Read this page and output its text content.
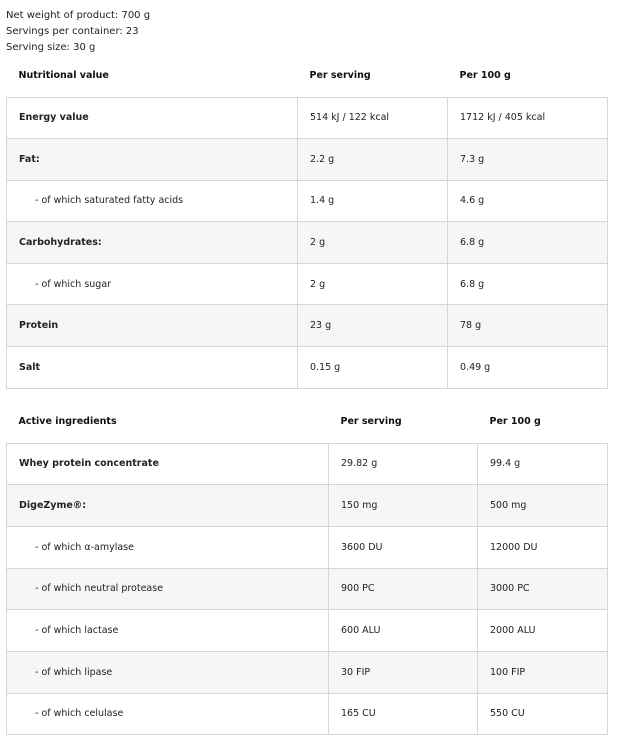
Net weight of product: 700 g
Servings per container: 23
Serving size: 30 g
Nutritional value	Per serving	Per 100 g
Energy value	514 kJ / 122 kcal	1712 kJ / 405 kcal
Fat:	2.2 g	7.3 g
- of which saturated fatty acids	1.4 g	4.6 g
Carbohydrates:	2 g	6.8 g
- of which sugar	2 g	6.8 g
Protein	23 g	78 g
Salt	0.15 g	0.49 g
Active ingredients	Per serving	Per 100 g
Whey protein concentrate	29.82 g	99.4 g
DigeZyme®:	150 mg	500 mg
- of which α-amylase	3600 DU	12000 DU
- of which neutral protease	900 PC	3000 PC
- of which lactase	600 ALU	2000 ALU
- of which lipase	30 FIP	100 FIP
- of which celulase	165 CU	550 CU
